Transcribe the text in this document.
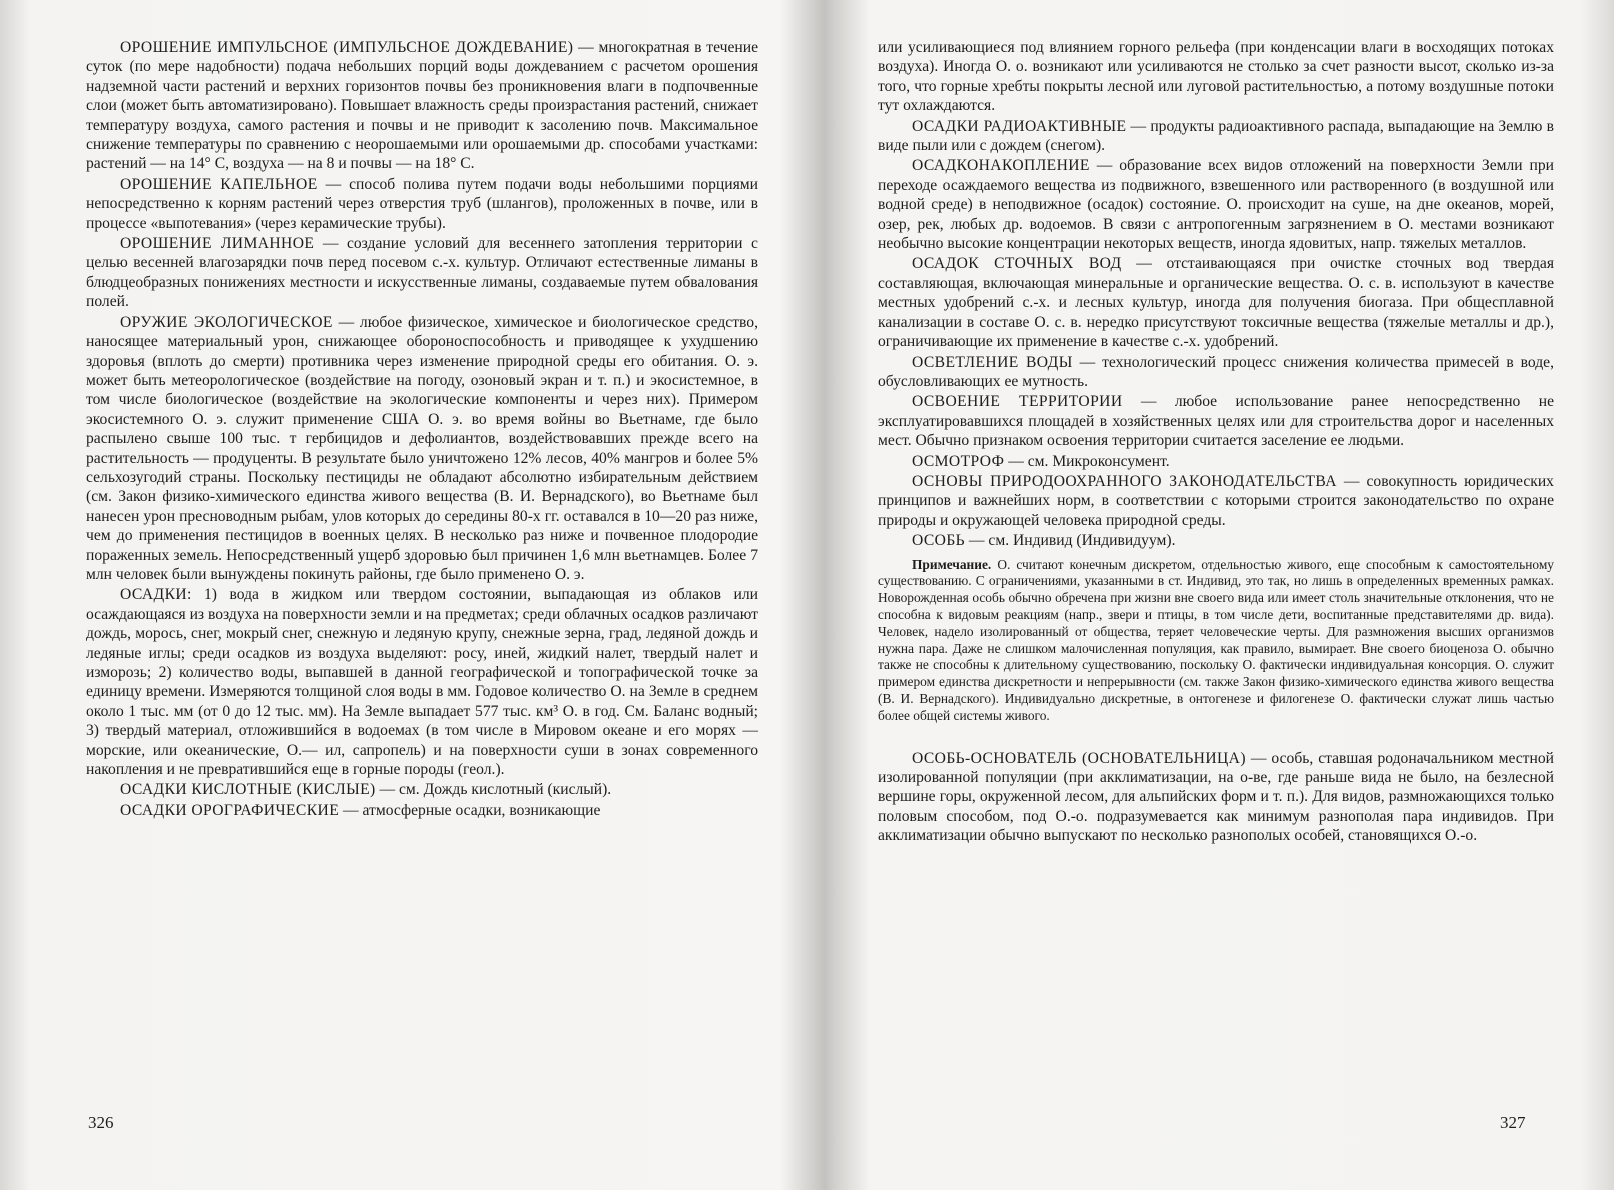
ОРОШЕНИЕ ИМПУЛЬСНОЕ (ИМПУЛЬСНОЕ ДОЖДЕВАНИЕ) — многократная в течение суток (по мере надобности) подача небольших порций воды дождеванием с расчетом орошения надземной части растений и верхних горизонтов почвы без проникновения влаги в подпочвенные слои (может быть автоматизировано). Повышает влажность среды произрастания растений, снижает температуру воздуха, самого растения и почвы и не приводит к засолению почв. Максимальное снижение температуры по сравнению с неорошаемыми или орошаемыми др. способами участками: растений — на 14° С, воздуха — на 8 и почвы — на 18° С.

ОРОШЕНИЕ КАПЕЛЬНОЕ — способ полива путем подачи воды небольшими порциями непосредственно к корням растений через отверстия труб (шлангов), проложенных в почве, или в процессе «выпотевания» (через керамические трубы).

ОРОШЕНИЕ ЛИМАННОЕ — создание условий для весеннего затопления территории с целью весенней влагозарядки почв перед посевом с.-х. культур. Отличают естественные лиманы в блюдцеобразных понижениях местности и искусственные лиманы, создаваемые путем обвалования полей.

ОРУЖИЕ ЭКОЛОГИЧЕСКОЕ — любое физическое, химическое и биологическое средство, наносящее материальный урон, снижающее обороноспособность и приводящее к ухудшению здоровья (вплоть до смерти) противника через изменение природной среды его обитания. О. э. может быть метеорологическое (воздействие на погоду, озоновый экран и т. п.) и экосистемное, в том числе биологическое (воздействие на экологические компоненты и через них). Примером экосистемного О. э. служит применение США О. э. во время войны во Вьетнаме, где было распылено свыше 100 тыс. т гербицидов и дефолиантов, воздействовавших прежде всего на растительность — продуценты. В результате было уничтожено 12% лесов, 40% мангров и более 5% сельхозугодий страны. Поскольку пестициды не обладают абсолютно избирательным действием (см. Закон физико-химического единства живого вещества (В. И. Вернадского), во Вьетнаме был нанесен урон пресноводным рыбам, улов которых до середины 80-х гг. оставался в 10—20 раз ниже, чем до применения пестицидов в военных целях. В несколько раз ниже и почвенное плодородие пораженных земель. Непосредственный ущерб здоровью был причинен 1,6 млн вьетнамцев. Более 7 млн человек были вынуждены покинуть районы, где было применено О. э.

ОСАДКИ: 1) вода в жидком или твердом состоянии, выпадающая из облаков или осаждающаяся из воздуха на поверхности земли и на предметах; среди облачных осадков различают дождь, морось, снег, мокрый снег, снежную и ледяную крупу, снежные зерна, град, ледяной дождь и ледяные иглы; среди осадков из воздуха выделяют: росу, иней, жидкий налет, твердый налет и изморозь; 2) количество воды, выпавшей в данной географической и топографической точке за единицу времени. Измеряются толщиной слоя воды в мм. Годовое количество О. на Земле в среднем около 1 тыс. мм (от 0 до 12 тыс. мм). На Земле выпадает 577 тыс. км³ О. в год. См. Баланс водный; 3) твердый материал, отложившийся в водоемах (в том числе в Мировом океане и его морях — морские, или океанические, О.— ил, сапропель) и на поверхности суши в зонах современного накопления и не превратившийся еще в горные породы (геол.).

ОСАДКИ КИСЛОТНЫЕ (КИСЛЫЕ) — см. Дождь кислотный (кислый).

ОСАДКИ ОРОГРАФИЧЕСКИЕ — атмосферные осадки, возникающие

326

или усиливающиеся под влиянием горного рельефа (при конденсации влаги в восходящих потоках воздуха). Иногда О. о. возникают или усиливаются не столько за счет разности высот, сколько из-за того, что горные хребты покрыты лесной или луговой растительностью, а потому воздушные потоки тут охлаждаются.

ОСАДКИ РАДИОАКТИВНЫЕ — продукты радиоактивного распада, выпадающие на Землю в виде пыли или с дождем (снегом).

ОСАДКОНАКОПЛЕНИЕ — образование всех видов отложений на поверхности Земли при переходе осаждаемого вещества из подвижного, взвешенного или растворенного (в воздушной или водной среде) в неподвижное (осадок) состояние. О. происходит на суше, на дне океанов, морей, озер, рек, любых др. водоемов. В связи с антропогенным загрязнением в О. местами возникают необычно высокие концентрации некоторых веществ, иногда ядовитых, напр. тяжелых металлов.

ОСАДОК СТОЧНЫХ ВОД — отстаивающаяся при очистке сточных вод твердая составляющая, включающая минеральные и органические вещества. О. с. в. используют в качестве местных удобрений с.-х. и лесных культур, иногда для получения биогаза. При общесплавной канализации в составе О. с. в. нередко присутствуют токсичные вещества (тяжелые металлы и др.), ограничивающие их применение в качестве с.-х. удобрений.

ОСВЕТЛЕНИЕ ВОДЫ — технологический процесс снижения количества примесей в воде, обусловливающих ее мутность.

ОСВОЕНИЕ ТЕРРИТОРИИ — любое использование ранее непосредственно не эксплуатировавшихся площадей в хозяйственных целях или для строительства дорог и населенных мест. Обычно признаком освоения территории считается заселение ее людьми.

ОСМОТРОФ — см. Микроконсумент.

ОСНОВЫ ПРИРОДООХРАННОГО ЗАКОНОДАТЕЛЬСТВА — совокупность юридических принципов и важнейших норм, в соответствии с которыми строится законодательство по охране природы и окружающей человека природной среды.

ОСОБЬ — см. Индивид (Индивидуум).

Примечание. О. считают конечным дискретом, отдельностью живого, еще способным к самостоятельному существованию. С ограничениями, указанными в ст. Индивид, это так, но лишь в определенных временных рамках. Новорожденная особь обычно обречена при жизни вне своего вида или имеет столь значительные отклонения, что не способна к видовым реакциям (напр., звери и птицы, в том числе дети, воспитанные представителями др. вида). Человек, надело изолированный от общества, теряет человеческие черты. Для размножения высших организмов нужна пара. Даже не слишком малочисленная популяция, как правило, вымирает. Вне своего биоценоза О. обычно также не способны к длительному существованию, поскольку О. фактически индивидуальная консорция. О. служит примером единства дискретности и непрерывности (см. также Закон физико-химического единства живого вещества (В. И. Вернадского). Индивидуально дискретные, в онтогенезе и филогенезе О. фактически служат лишь частью более общей системы живого.

ОСОБЬ-ОСНОВАТЕЛЬ (ОСНОВАТЕЛЬНИЦА) — особь, ставшая родоначальником местной изолированной популяции (при акклиматизации, на о-ве, где раньше вида не было, на безлесной вершине горы, окруженной лесом, для альпийских форм и т. п.). Для видов, размножающихся только половым способом, под О.-о. подразумевается как минимум разнополая пара индивидов. При акклиматизации обычно выпускают по несколько разнополых особей, становящихся О.-о.

327
